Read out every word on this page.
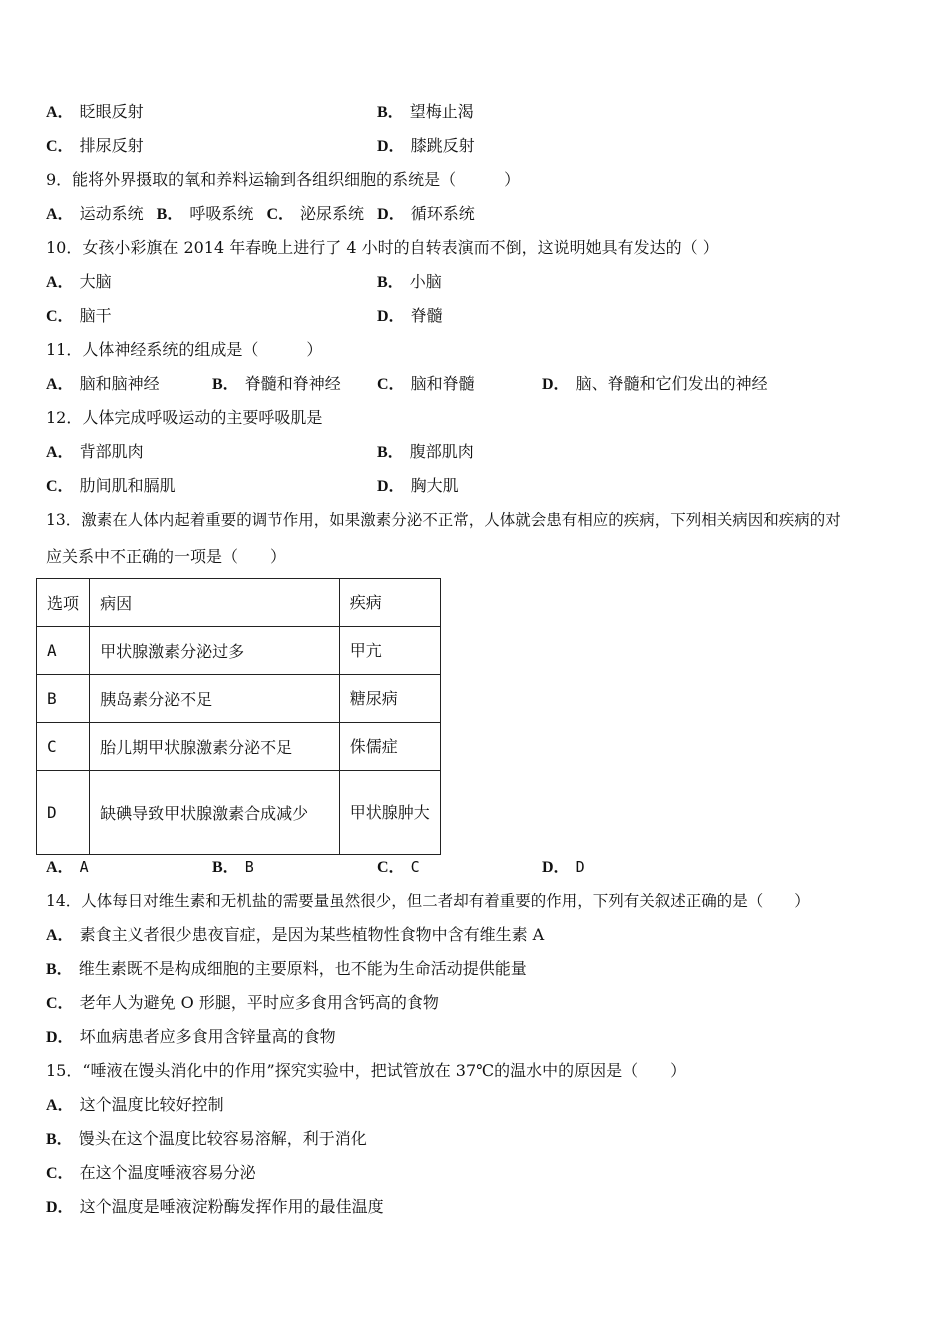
A． 眨眼反射	B． 望梅止渴
C． 排尿反射	D． 膝跳反射
9．能将外界摄取的氧和养料运输到各组织细胞的系统是（　　　）
A． 运动系统 B． 呼吸系统 C． 泌尿系统 D． 循环系统
10．女孩小彩旗在 2014 年春晚上进行了 4 小时的自转表演而不倒，这说明她具有发达的（ ）
A． 大脑	B． 小脑
C． 脑干	D． 脊髓
11．人体神经系统的组成是（　　　）
A． 脑和脑神经	B． 脊髓和脊神经 C． 脑和脊髓	D． 脑、脊髓和它们发出的神经
12．人体完成呼吸运动的主要呼吸肌是
A． 背部肌肉	B． 腹部肌肉
C． 肋间肌和膈肌	D． 胸大肌
13．激素在人体内起着重要的调节作用，如果激素分泌不正常，人体就会患有相应的疾病，下列相关病因和疾病的对
应关系中不正确的一项是（　　）
选项	病因	疾病
A	甲状腺激素分泌过多	甲亢
B	胰岛素分泌不足	糖尿病
C	胎儿期甲状腺激素分泌不足	侏儒症
D	缺碘导致甲状腺激素合成减少	甲状腺肿大
A． A	B． B	C． C	D． D
14．人体每日对维生素和无机盐的需要量虽然很少，但二者却有着重要的作用，下列有关叙述正确的是（　　）
A． 素食主义者很少患夜盲症，是因为某些植物性食物中含有维生素 A
B． 维生素既不是构成细胞的主要原料，也不能为生命活动提供能量
C． 老年人为避免 O 形腿，平时应多食用含钙高的食物
D． 坏血病患者应多食用含锌量高的食物
15．“唾液在馒头消化中的作用”探究实验中，把试管放在 37℃的温水中的原因是（　　）
A． 这个温度比较好控制
B． 馒头在这个温度比较容易溶解，利于消化
C． 在这个温度唾液容易分泌
D． 这个温度是唾液淀粉酶发挥作用的最佳温度
